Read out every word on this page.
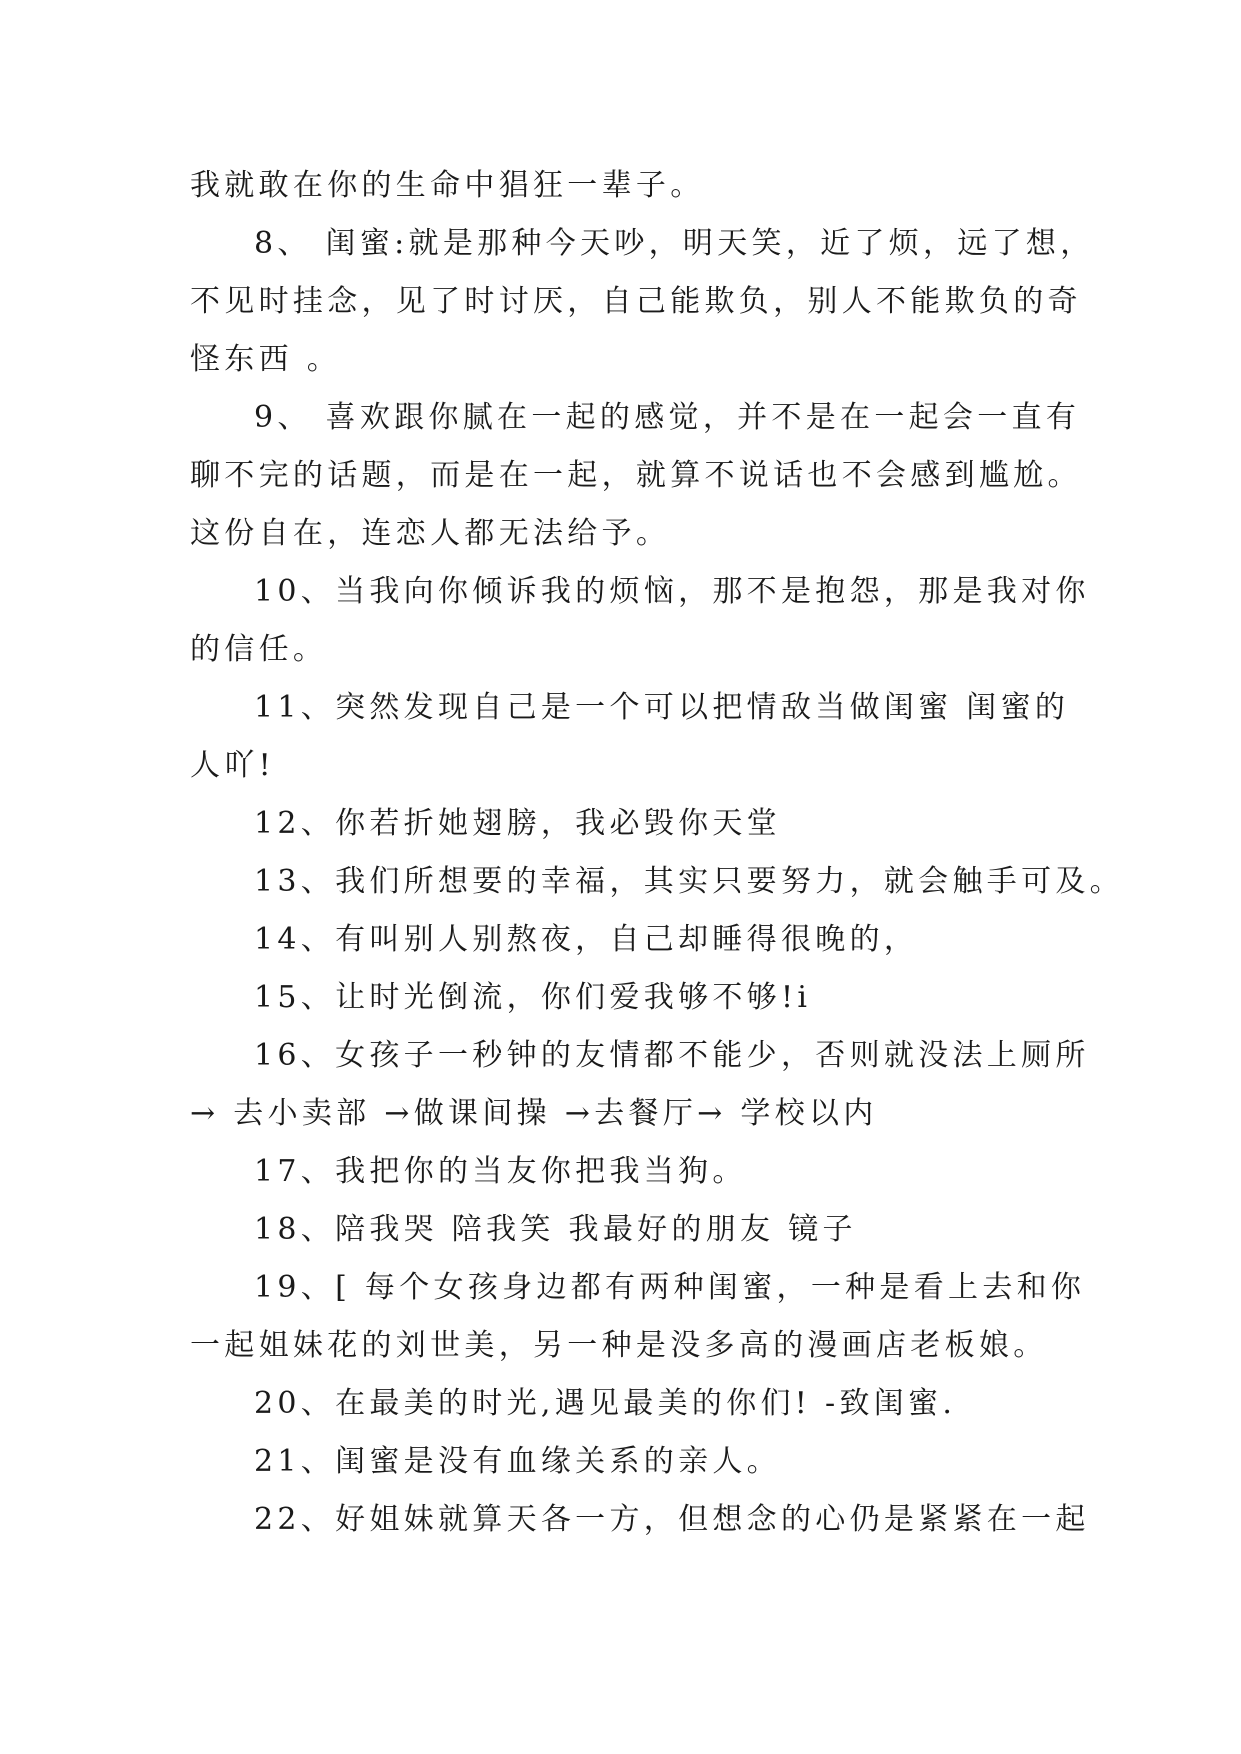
我就敢在你的生命中猖狂一辈子。
8、 闺蜜:就是那种今天吵，明天笑，近了烦，远了想，
不见时挂念，见了时讨厌，自己能欺负，别人不能欺负的奇
怪东西 。
9、 喜欢跟你腻在一起的感觉，并不是在一起会一直有
聊不完的话题，而是在一起，就算不说话也不会感到尴尬。
这份自在，连恋人都无法给予。
10、当我向你倾诉我的烦恼，那不是抱怨，那是我对你
的信任。
11、突然发现自己是一个可以把情敌当做闺蜜 闺蜜的
人吖!
12、你若折她翅膀，我必毁你天堂
13、我们所想要的幸福，其实只要努力，就会触手可及。
14、有叫别人别熬夜，自己却睡得很晚的，
15、让时光倒流，你们爱我够不够!i
16、女孩子一秒钟的友情都不能少，否则就没法上厕所
→ 去小卖部 →做课间操 →去餐厅→ 学校以内
17、我把你的当友你把我当狗。
18、陪我哭 陪我笑 我最好的朋友 镜子
19、[ 每个女孩身边都有两种闺蜜，一种是看上去和你
一起姐妹花的刘世美，另一种是没多高的漫画店老板娘。
20、在最美的时光,遇见最美的你们! -致闺蜜.
21、闺蜜是没有血缘关系的亲人。
22、好姐妹就算天各一方，但想念的心仍是紧紧在一起
